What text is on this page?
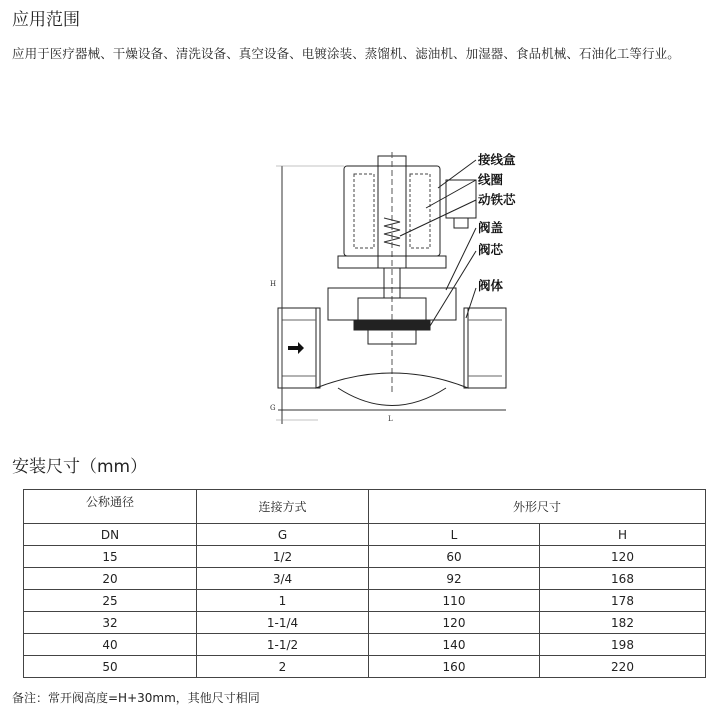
应用范围
应用于医疗器械、干燥设备、清洗设备、真空设备、电镀涂装、蒸馏机、滤油机、加湿器、食品机械、石油化工等行业。
接线盒
线圈
动铁芯
阀盖
阀芯
阀体
H
L
G
安装尺寸（mm）
公称通径	连接方式	外形尺寸	
DN	G	L	H
15	1/2	60	120
20	3/4	92	168
25	1	110	178
32	1-1/4	120	182
40	1-1/2	140	198
50	2	160	220
备注：常开阀高度=H+30mm，其他尺寸相同
